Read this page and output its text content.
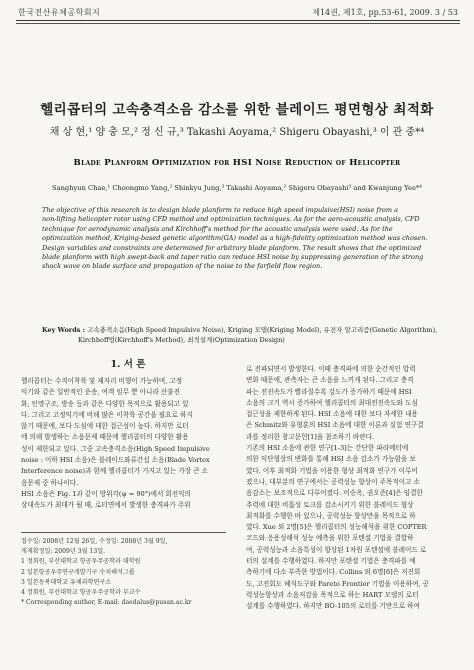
한국전산유체공학회지	제14권, 제1호, pp.53-61, 2009. 3 / 53
헬리콥터의 고속충격소음 감소를 위한 블레이드 평면형상 최적화
채 상 현,¹ 양 충 모,² 정 신 규,³ Takashi Aoyama,² Shigeru Obayashi,³ 이 관 중*⁴
Blade Planform Optimization for HSI Noise Reduction of Helicopter
Sanghyun Chae,¹ Choongmo Yang,² Shinkyu Jung,³ Takashi Aoyama,² Shigeru Obayashi³ and Kwanjung Yee*⁴
The objective of this research is to design blade planform to reduce high speed impulsive(HSI) noise from a
non-lifting helicopter rotor using CFD method and optimization techniques. As for the aero-acoustic analysis, CFD
technique for aerodynamic analysis and Kirchhoff's method for the acoustic analysis were used. As for the
optimization method, Kriging-based genetic algorithm(GA) model as a high-fidelity optimization method was chosen.
Design variables and constraints are determined for arbitrary blade planform. The result shows that the optimized
blade planform with high swept-back and taper ratio can reduce HSI noise by suppressing generation of the strong
shock wave on blade surface and propagation of the noise to the farfield flow region.
Key Words : 고속충격소음(High Speed Impulsive Noise), Kriging 모델(Kriging Model), 유전자 알고리즘(Genetic Algorithm),
Kirchhoff법(Kirchhoff's Method), 최적설계(Optimization Design)
1. 서 론
헬리콥터는 수직이착륙 및 제자리 비행이 가능하며, 고정
익기와 같은 일반적인 운송, 여객 임무 뿐 아니라 산불진
화, 인명구조, 방송 등과 같은 다양한 목적으로 활용되고 있
다. 그리고 고정익기에 비해 많은 이착륙 공간을 필요로 하지
않기 때문에, 보다 도심에 대한 접근성이 높다. 하지만 로터
에 의해 발생하는 소음문제 때문에 헬리콥터의 다양한 활용
성이 제한되고 있다. 그중 고속충격소음(High Speed Impulsive
noise : 이하 HSI 소음)은 블레이드와류간섭 소음(Blade Vortex
Interference noise)과 함께 헬리콥터가 가지고 있는 가장 큰 소
음문제 중 하나이다.
HSI 소음은 Fig. 1과 같이 방위각(ψ = 90°)에서 회전익의
상대속도가 최대가 될 때, 로터면에서 발생한 충격파가 주위
접수일: 2008년 12월 26일, 수정일: 2008년 3월 9일,
게재확정일: 2009년 3월 13일.
1 정회원, 부산대학교 항공우주공학과 대학원
2 일본항공우주연구개발기구 수치해석그룹
3 일본동북대학교 유체과학연구소
4 정회원, 부산대학교 항공우주공학과 부교수
* Corresponding author, E-mail: daedalus@pusan.ac.kr
로 전파되면서 발생한다. 이때 충격파에 의한 순간적인 압력
변화 때문에, 관측자는 큰 소음을 느끼게 된다. 그리고 충격
파는 전진속도가 빨라질수록 강도가 증가하기 때문에 HSI
소음의 크기 역시 증가하여 헬리콥터의 최대전진속도와 도심
접근성을 제한하게 된다. HSI 소음에 대한 보다 자세한 내용
은 Schmitz와 유형훈의 HSI 소음에 대한 이론과 실험 연구결
과를 정리한 참고문헌[1]을 참조하기 바란다.
기존의 HSI 소음에 관한 연구[1-3]는 간단한 파라메터에
의한 익단형상의 변화를 통해 HSI 소음 감소가 가능함을 보
였다. 이후 최적화 기법을 이용한 형상 최적화 연구가 이루어
졌으나, 대부분의 연구에서는 공력성능 향상이 주목적이고 소
음감소는 보조적으로 다루어졌다. 이승옥, 권오준[4]은 임결한
추력에 대한 비틂성 토크를 감소시키기 위한 블레이드 형상
최적화를 수행한 바 있으나, 공력성능 향상만을 목적으로 하
였다. Xue 외 2명[5]은 헬리콥터의 성능해석을 위한 COPTER
코드와 응용성해석 성능 예측을 위한 포텐셜 기법을 결합하
여, 공력성능과 소음특성이 향상된 1차원 포텐셜에 블레이드 로
터의 설계를 수행하였다. 하지만 포텐셜 기법은 충격파를 예
측하기에 다소 부족한 방법이다. Collins 외 6명[6]은 저진회
도, 고진회도 헤석도구와 Pareto Frontier 기법을 이용하여, 공
력성능향상과 소음저감을 목적으로 하는 HART 모델의 로터
설계를 수행하였다. 하지만 BO-105의 로터를 기반으로 하여
